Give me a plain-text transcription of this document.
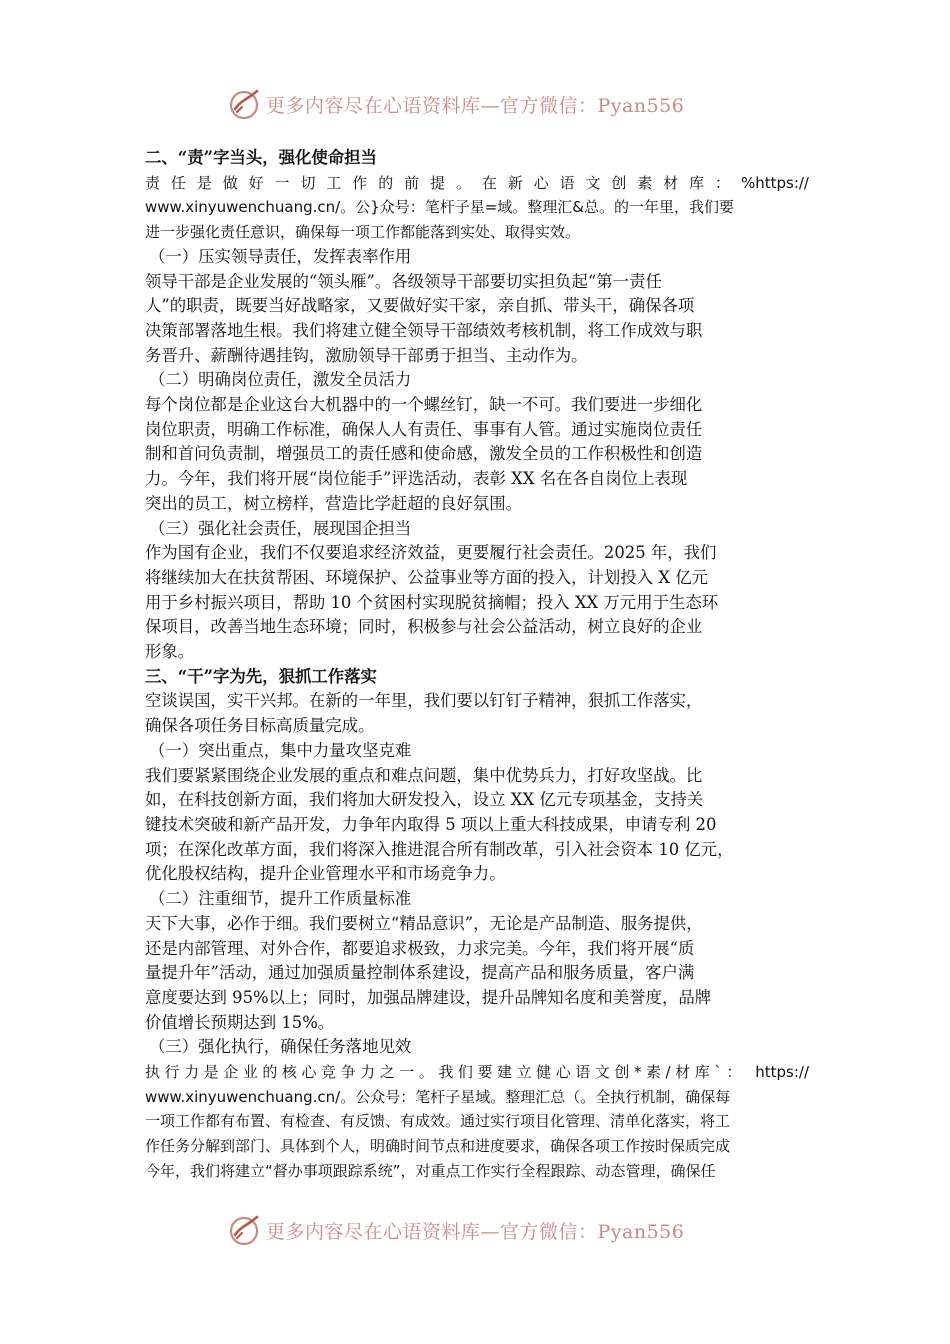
更多内容尽在心语资料库—官方微信：Pyan556

二、“责”字当头，强化使命担当

责 任 是 做 好 一 切 工 作 的 前 提 。 在 新 心 语 文 创 素 材 库 ： %https://

www.xinyuwenchuang.cn/。公}众号：笔杆子星=域。整理汇&总。的一年里，我们要

进一步强化责任意识，确保每一项工作都能落到实处、取得实效。

（一）压实领导责任，发挥表率作用

领导干部是企业发展的“领头雁”。各级领导干部要切实担负起“第一责任

人”的职责，既要当好战略家，又要做好实干家，亲自抓、带头干，确保各项

决策部署落地生根。我们将建立健全领导干部绩效考核机制，将工作成效与职

务晋升、薪酬待遇挂钩，激励领导干部勇于担当、主动作为。

（二）明确岗位责任，激发全员活力

每个岗位都是企业这台大机器中的一个螺丝钉，缺一不可。我们要进一步细化

岗位职责，明确工作标准，确保人人有责任、事事有人管。通过实施岗位责任

制和首问负责制，增强员工的责任感和使命感，激发全员的工作积极性和创造

力。今年，我们将开展“岗位能手”评选活动，表彰 XX 名在各自岗位上表现

突出的员工，树立榜样，营造比学赶超的良好氛围。

（三）强化社会责任，展现国企担当

作为国有企业，我们不仅要追求经济效益，更要履行社会责任。2025 年，我们

将继续加大在扶贫帮困、环境保护、公益事业等方面的投入，计划投入 X 亿元

用于乡村振兴项目，帮助 10 个贫困村实现脱贫摘帽；投入 XX 万元用于生态环

保项目，改善当地生态环境；同时，积极参与社会公益活动，树立良好的企业

形象。

三、“干”字为先，狠抓工作落实

空谈误国，实干兴邦。在新的一年里，我们要以钉钉子精神，狠抓工作落实，

确保各项任务目标高质量完成。

（一）突出重点，集中力量攻坚克难

我们要紧紧围绕企业发展的重点和难点问题，集中优势兵力，打好攻坚战。比

如，在科技创新方面，我们将加大研发投入，设立 XX 亿元专项基金，支持关

键技术突破和新产品开发，力争年内取得 5 项以上重大科技成果，申请专利 20

项；在深化改革方面，我们将深入推进混合所有制改革，引入社会资本 10 亿元，

优化股权结构，提升企业管理水平和市场竞争力。

（二）注重细节，提升工作质量标准

天下大事，必作于细。我们要树立“精品意识”，无论是产品制造、服务提供，

还是内部管理、对外合作，都要追求极致，力求完美。今年，我们将开展“质

量提升年”活动，通过加强质量控制体系建设，提高产品和服务质量，客户满

意度要达到 95%以上；同时，加强品牌建设，提升品牌知名度和美誉度，品牌

价值增长预期达到 15%。

（三）强化执行，确保任务落地见效

执行力是企业的核心竞争力之一。我们要建立健心语文创*素/材库`： https://

www.xinyuwenchuang.cn/。公众号：笔杆子星域。整理汇总（。全执行机制，确保每

一项工作都有布置、有检查、有反馈、有成效。通过实行项目化管理、清单化落实，将工

作任务分解到部门、具体到个人，明确时间节点和进度要求，确保各项工作按时保质完成

今年，我们将建立“督办事项跟踪系统”，对重点工作实行全程跟踪、动态管理，确保任

更多内容尽在心语资料库—官方微信：Pyan556
